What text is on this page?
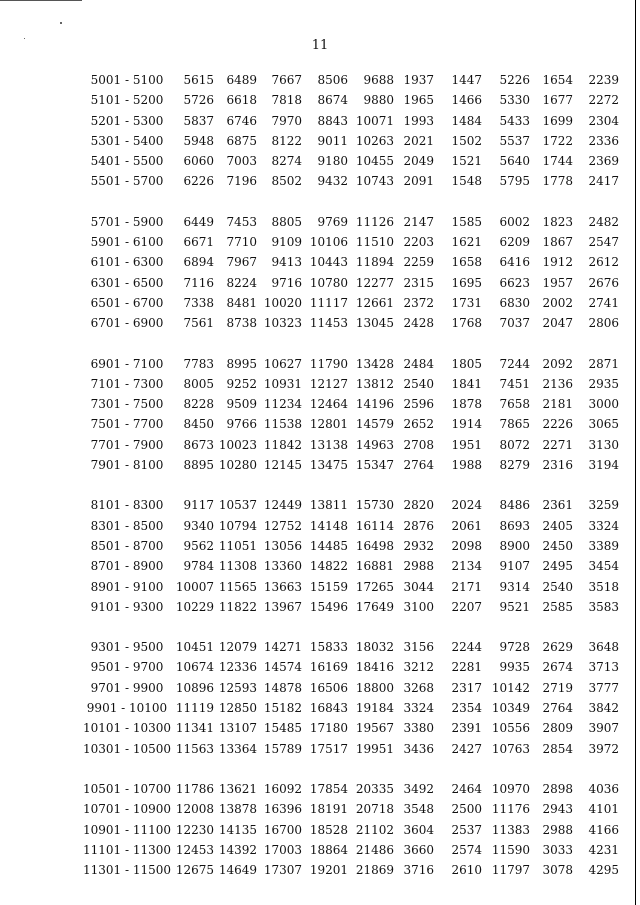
11
5001 - 5100	5615 6489 7667 8506 9688 1937 1447 5226 1654 2239
5101 - 5200	5726 6618 7818 8674 9880 1965 1466 5330 1677 2272
5201 - 5300	5837 6746 7970 8843 10071 1993 1484 5433 1699 2304
5301 - 5400	5948 6875 8122 9011 10263 2021 1502 5537 1722 2336
5401 - 5500	6060 7003 8274 9180 10455 2049 1521 5640 1744 2369
5501 - 5700	6226 7196 8502 9432 10743 2091 1548 5795 1778 2417
5701 - 5900	6449 7453 8805 9769 11126 2147 1585 6002 1823 2482
5901 - 6100	6671 7710 9109 10106 11510 2203 1621 6209 1867 2547
6101 - 6300	6894 7967 9413 10443 11894 2259 1658 6416 1912 2612
6301 - 6500	7116 8224 9716 10780 12277 2315 1695 6623 1957 2676
6501 - 6700	7338 8481 10020 11117 12661 2372 1731 6830 2002 2741
6701 - 6900	7561 8738 10323 11453 13045 2428 1768 7037 2047 2806
6901 - 7100	7783 8995 10627 11790 13428 2484 1805 7244 2092 2871
7101 - 7300	8005 9252 10931 12127 13812 2540 1841 7451 2136 2935
7301 - 7500	8228 9509 11234 12464 14196 2596 1878 7658 2181 3000
7501 - 7700	8450 9766 11538 12801 14579 2652 1914 7865 2226 3065
7701 - 7900	8673 10023 11842 13138 14963 2708 1951 8072 2271 3130
7901 - 8100	8895 10280 12145 13475 15347 2764 1988 8279 2316 3194
8101 - 8300	9117 10537 12449 13811 15730 2820 2024 8486 2361 3259
8301 - 8500	9340 10794 12752 14148 16114 2876 2061 8693 2405 3324
8501 - 8700	9562 11051 13056 14485 16498 2932 2098 8900 2450 3389
8701 - 8900	9784 11308 13360 14822 16881 2988 2134 9107 2495 3454
8901 - 9100	10007 11565 13663 15159 17265 3044 2171 9314 2540 3518
9101 - 9300	10229 11822 13967 15496 17649 3100 2207 9521 2585 3583
9301 - 9500	10451 12079 14271 15833 18032 3156 2244 9728 2629 3648
9501 - 9700	10674 12336 14574 16169 18416 3212 2281 9935 2674 3713
9701 - 9900	10896 12593 14878 16506 18800 3268 2317 10142 2719 3777
9901 - 10100 11119 12850 15182 16843 19184 3324 2354 10349 2764 3842
10101 - 10300 11341 13107 15485 17180 19567 3380 2391 10556 2809 3907
10301 - 10500 11563 13364 15789 17517 19951 3436 2427 10763 2854 3972
10501 - 10700 11786 13621 16092 17854 20335 3492 2464 10970 2898 4036
10701 - 10900 12008 13878 16396 18191 20718 3548 2500 11176 2943 4101
10901 - 11100 12230 14135 16700 18528 21102 3604 2537 11383 2988 4166
11101 - 11300 12453 14392 17003 18864 21486 3660 2574 11590 3033 4231
11301 - 11500 12675 14649 17307 19201 21869 3716 2610 11797 3078 4295
